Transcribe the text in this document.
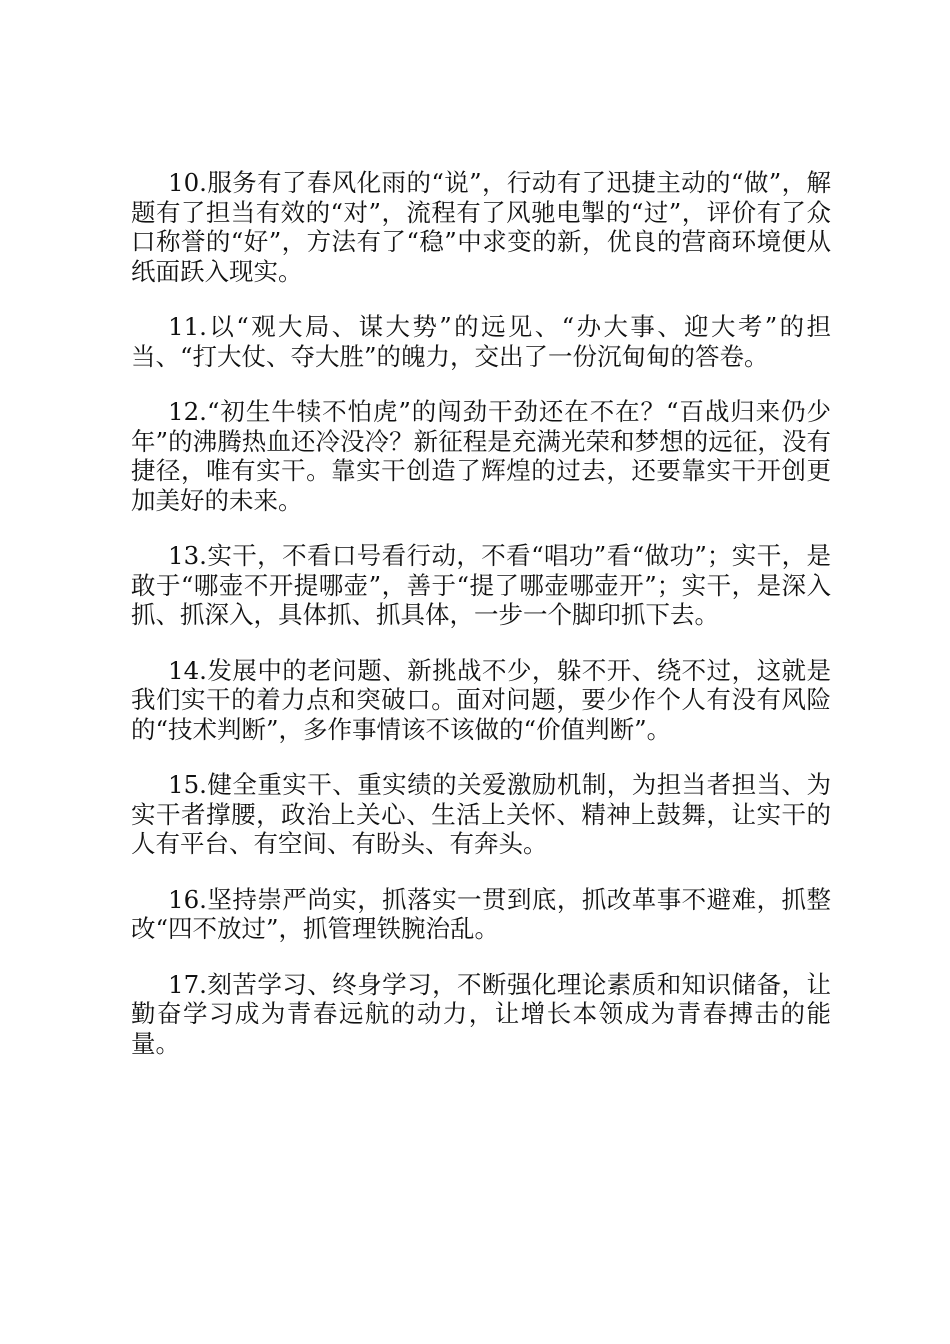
10.服务有了春风化雨的“说”，行动有了迅捷主动的“做”，解题有了担当有效的“对”，流程有了风驰电掣的“过”，评价有了众口称誉的“好”，方法有了“稳”中求变的新，优良的营商环境便从纸面跃入现实。

11.以“观大局、谋大势”的远见、“办大事、迎大考”的担当、“打大仗、夺大胜”的魄力，交出了一份沉甸甸的答卷。

12.“初生牛犊不怕虎”的闯劲干劲还在不在？“百战归来仍少年”的沸腾热血还冷没冷？新征程是充满光荣和梦想的远征，没有捷径，唯有实干。靠实干创造了辉煌的过去，还要靠实干开创更加美好的未来。

13.实干，不看口号看行动，不看“唱功”看“做功”；实干，是敢于“哪壶不开提哪壶”，善于“提了哪壶哪壶开”；实干，是深入抓、抓深入，具体抓、抓具体，一步一个脚印抓下去。

14.发展中的老问题、新挑战不少，躲不开、绕不过，这就是我们实干的着力点和突破口。面对问题，要少作个人有没有风险的“技术判断”，多作事情该不该做的“价值判断”。

15.健全重实干、重实绩的关爱激励机制，为担当者担当、为实干者撑腰，政治上关心、生活上关怀、精神上鼓舞，让实干的人有平台、有空间、有盼头、有奔头。

16.坚持崇严尚实，抓落实一贯到底，抓改革事不避难，抓整改“四不放过”，抓管理铁腕治乱。

17.刻苦学习、终身学习，不断强化理论素质和知识储备，让勤奋学习成为青春远航的动力，让增长本领成为青春搏击的能量。
